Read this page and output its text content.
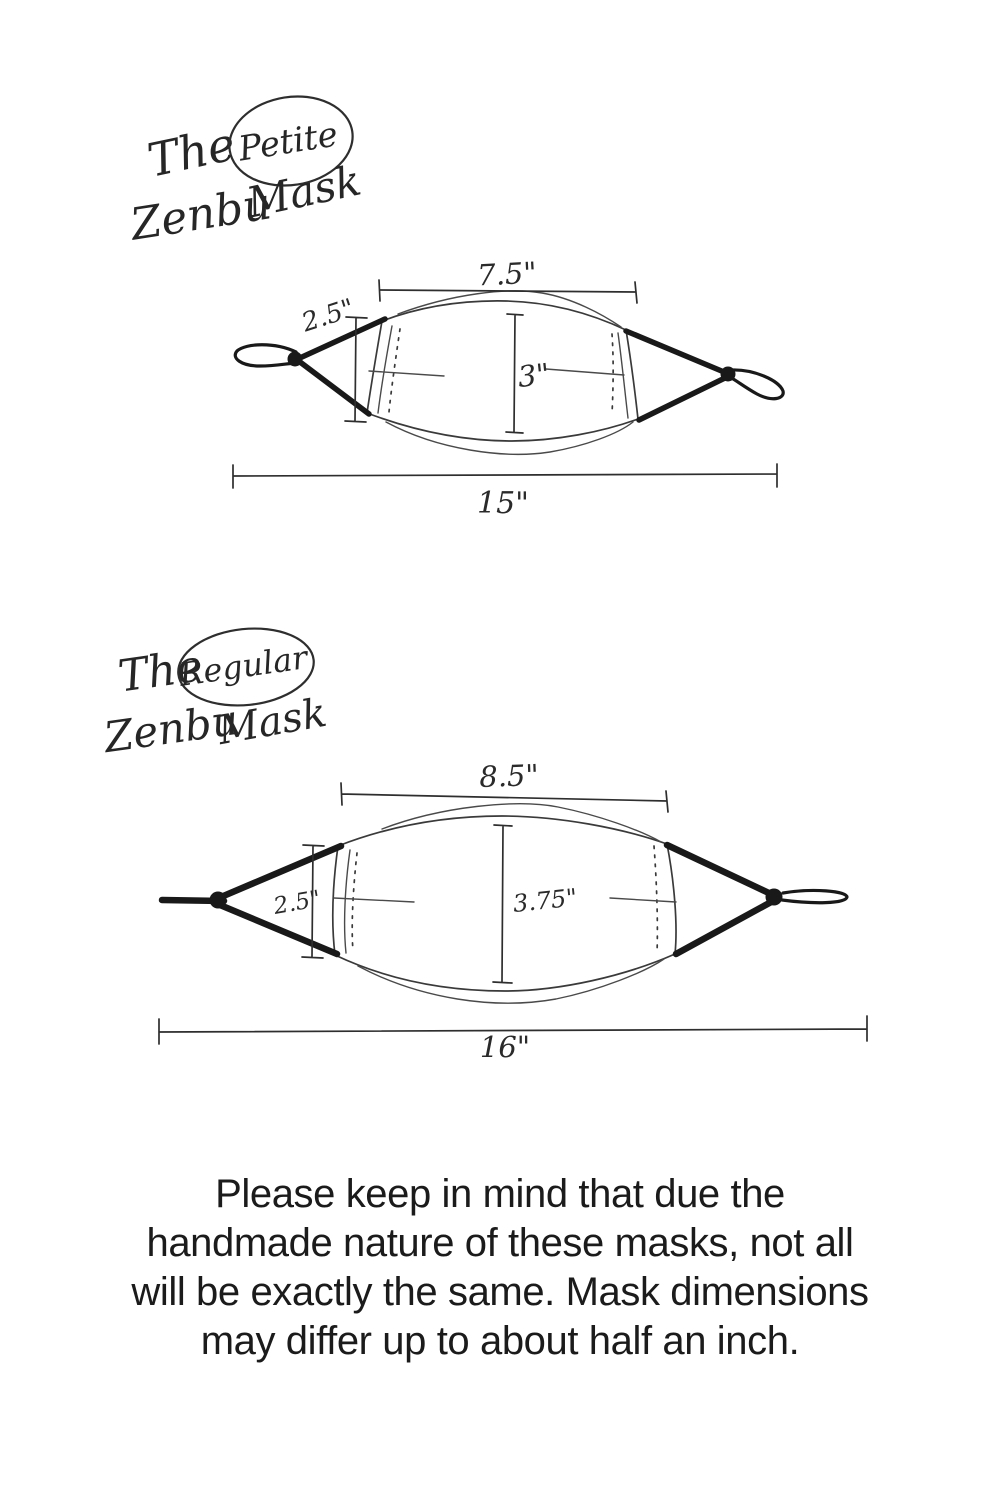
The
Petite
Zenbu
Mask
7.5"
2.5"
3"
15"
The
Regular
Zenbu
Mask
8.5"
2.5"	3.75"
16"
Please keep in mind that due the
handmade nature of these masks, not all
will be exactly the same. Mask dimensions
may differ up to about half an inch.
